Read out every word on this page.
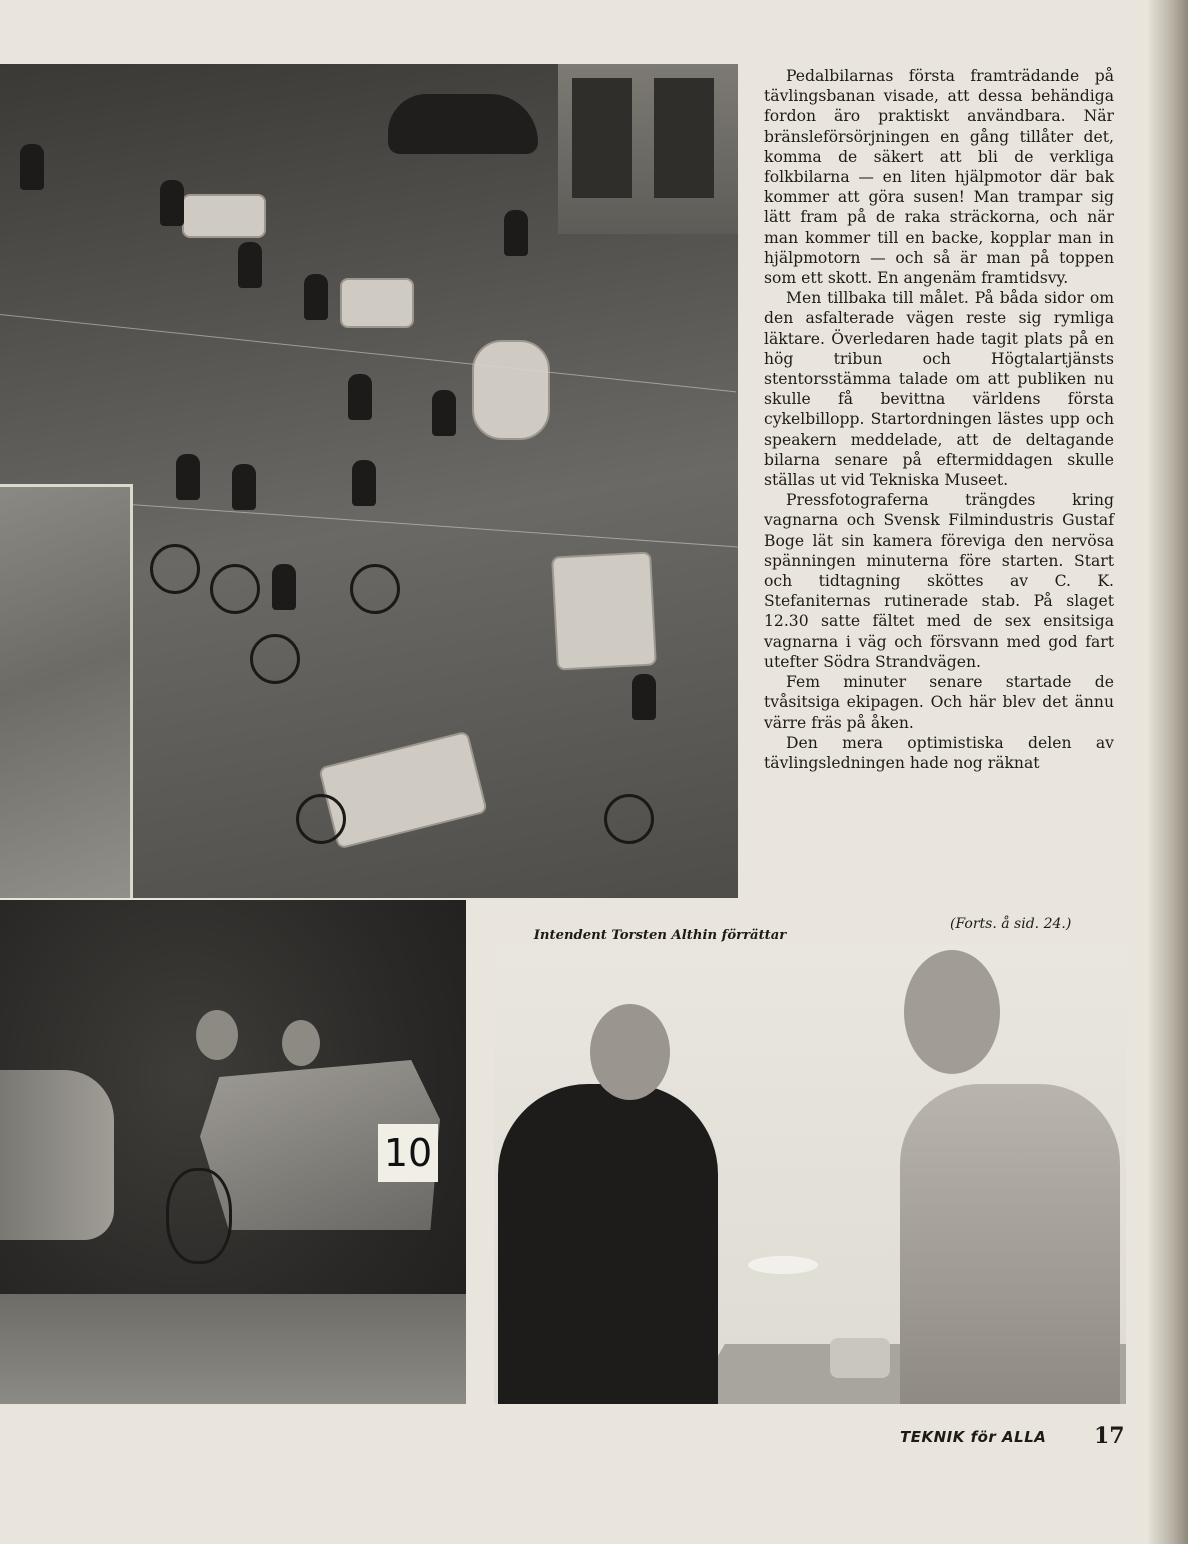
Pedalbilarnas första framträdande på tävlingsbanan visade, att dessa behändiga fordon äro praktiskt användbara. När bränsleförsörjningen en gång tillåter det, komma de säkert att bli de verkliga folkbilarna — en liten hjälpmotor där bak kommer att göra susen! Man trampar sig lätt fram på de raka sträckorna, och när man kommer till en backe, kopplar man in hjälpmotorn — och så är man på toppen som ett skott. En angenäm framtidsvy.

Men tillbaka till målet. På båda sidor om den asfalterade vägen reste sig rymliga läktare. Överledaren hade tagit plats på en hög tribun och Högtalartjänsts stentorsstämma talade om att publiken nu skulle få bevittna världens första cykelbillopp. Startordningen lästes upp och speakern meddelade, att de deltagande bilarna senare på eftermiddagen skulle ställas ut vid Tekniska Museet.

Pressfotograferna trängdes kring vagnarna och Svensk Filmindustris Gustaf Boge lät sin kamera föreviga den nervösa spänningen minuterna före starten. Start och tidtagning sköttes av C. K. Stefaniternas rutinerade stab. På slaget 12.30 satte fältet med de sex ensitsiga vagnarna i väg och försvann med god fart utefter Södra Strandvägen.

Fem minuter senare startade de tvåsitsiga ekipagen. Och här blev det ännu värre fräs på åken.

Den mera optimistiska delen av tävlingsledningen hade nog räknat

(Forts. å sid. 24.)
Intendent Torsten Althin förrättar
10
TEKNIK för ALLA 17
